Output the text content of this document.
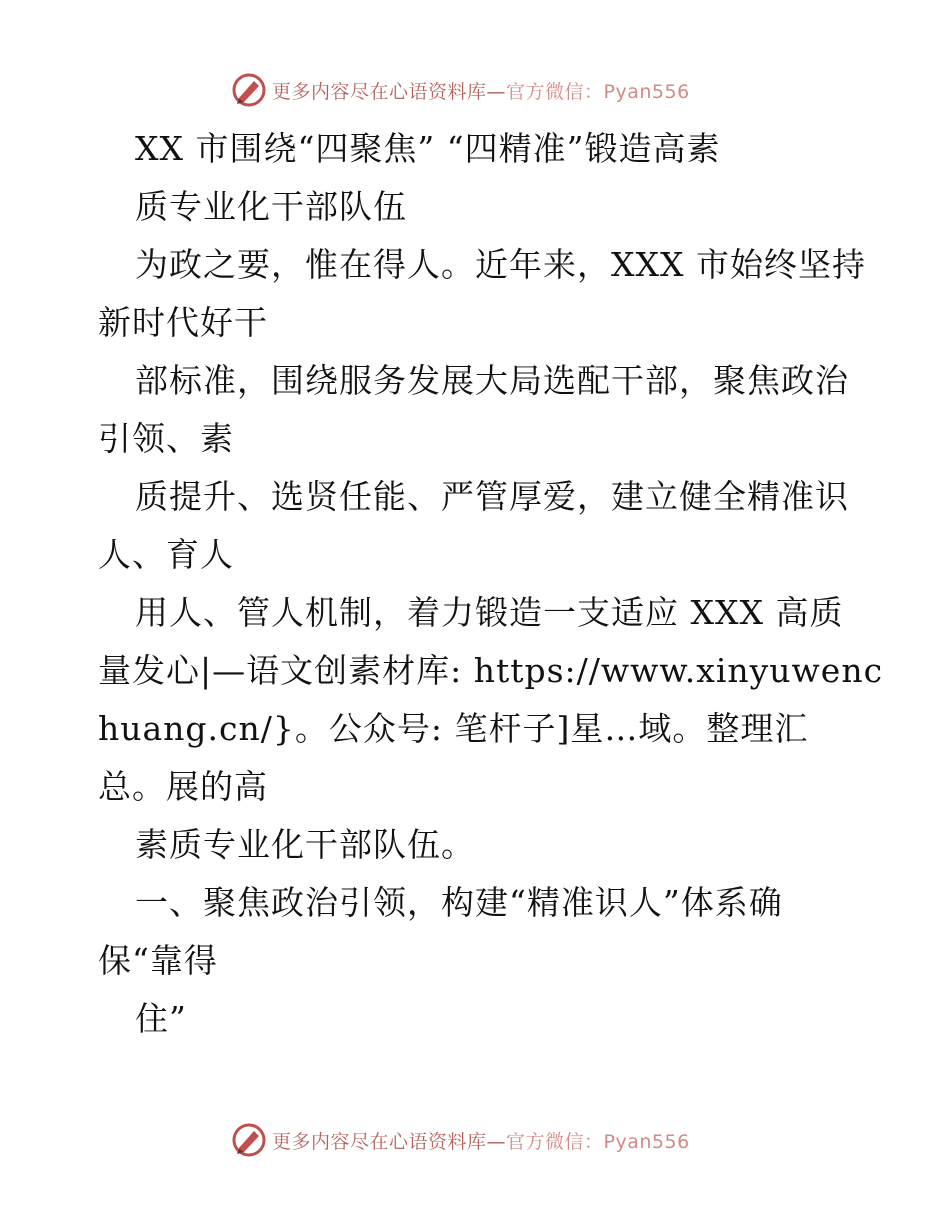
更多内容尽在心语资料库—官方微信：Pyan556
XX 市围绕“四聚焦” “四精准”锻造高素
质专业化干部队伍
为政之要，惟在得人。近年来，XXX 市始终坚持
新时代好干
部标准，围绕服务发展大局选配干部，聚焦政治
引领、素
质提升、选贤任能、严管厚爱，建立健全精准识
人、育人
用人、管人机制，着力锻造一支适应 XXX 高质
量发心|—语文创素材库: https://www.xinyuwenc
huang.cn/}。公众号: 笔杆子]星…域。整理汇
总。展的高
素质专业化干部队伍。
一、聚焦政治引领，构建“精准识人”体系确
保“靠得
住”
更多内容尽在心语资料库—官方微信：Pyan556
